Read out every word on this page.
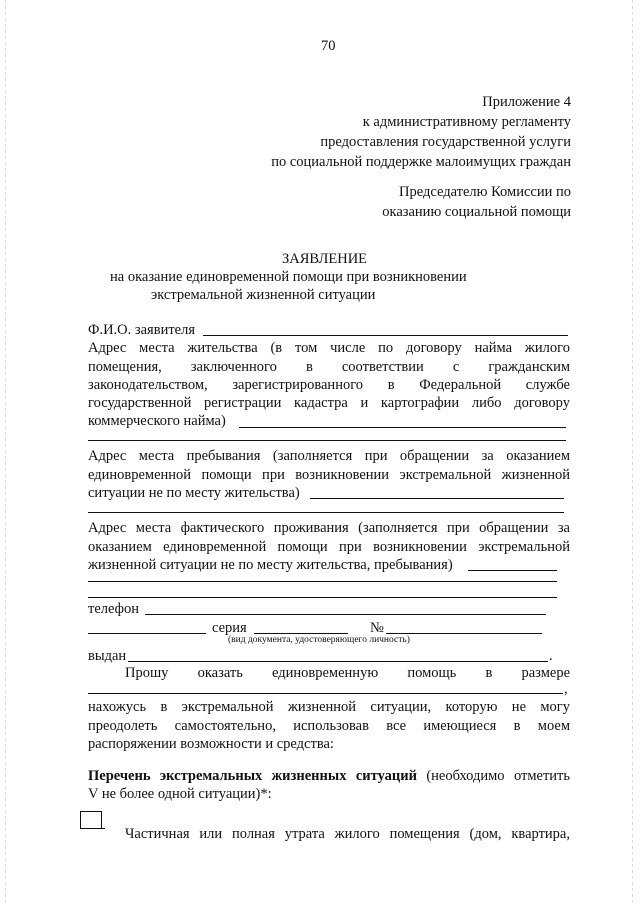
70
Приложение 4
к административному регламенту
предоставления государственной услуги
по социальной поддержке малоимущих граждан
Председателю Комиссии по
оказанию социальной помощи
ЗАЯВЛЕНИЕ
на оказание единовременной помощи при возникновении
экстремальной жизненной ситуации
Ф.И.О. заявителя
Адрес места жительства (в том числе по договору найма жилого
помещения, заключенного в соответствии с гражданским
законодательством, зарегистрированного в Федеральной службе
государственной регистрации кадастра и картографии либо договору
коммерческого найма)
Адрес места пребывания (заполняется при обращении за оказанием
единовременной помощи при возникновении экстремальной жизненной
ситуации не по месту жительства)
Адрес места фактического проживания (заполняется при обращении за
оказанием единовременной помощи при возникновении экстремальной
жизненной ситуации не по месту жительства, пребывания)
телефон
серия	№
(вид документа, удостоверяющего личность)
выдан	.
Прошу оказать единовременную помощь в размере
,
нахожусь в экстремальной жизненной ситуации, которую не могу
преодолеть самостоятельно, использовав все имеющиеся в моем
распоряжении возможности и средства:
Перечень экстремальных жизненных ситуаций (необходимо отметить
V не более одной ситуации)*:
Частичная или полная утрата жилого помещения (дом, квартира,
